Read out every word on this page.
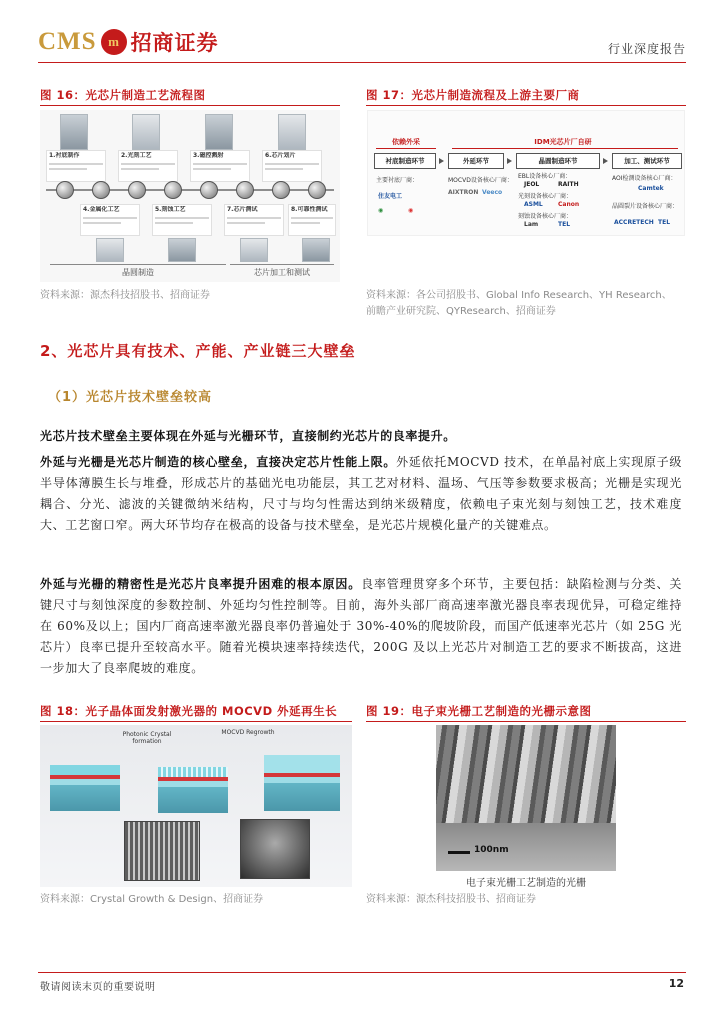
CMS m 招商证券	行业深度报告
图 16：光芯片制造工艺流程图
1.衬底制作	2.光刻工艺	3.磁控溅射	6.芯片划片
4.金属化工艺	5.刻蚀工艺	7.芯片测试	8.可靠性测试
晶圆制造	芯片加工和测试
资料来源：源杰科技招股书、招商证券
图 17：光芯片制造流程及上游主要厂商
依赖外采	IDM光芯片厂自研
衬底制造环节	外延环节	晶圆制造环节	加工、测试环节
主要衬底厂商：	MOCVD设备核心厂商：
EBL设备核心厂商：
光刻设备核心厂商：
刻蚀设备核心厂商：
AOI检测设备核心厂商：
晶圆裂片设备核心厂商：
住友电工
◉	◉
AIXTRON Veeco
JEOL	RAITH
ASML	Canon
Lam	TEL
Camtek
ACCRETECH TEL
资料来源：各公司招股书、Global Info Research、YH Research、
前瞻产业研究院、QYResearch、招商证券
2、光芯片具有技术、产能、产业链三大壁垒
（1）光芯片技术壁垒较高
光芯片技术壁垒主要体现在外延与光栅环节，直接制约光芯片的良率提升。
外延与光栅是光芯片制造的核心壁垒，直接决定芯片性能上限。外延依托MOCVD 技术，在单晶衬底上实现原子级半导体薄膜生长与堆叠，形成芯片的基础光电功能层，其工艺对材料、温场、气压等参数要求极高；光栅是实现光耦合、分光、滤波的关键微纳米结构，尺寸与均匀性需达到纳米级精度，依赖电子束光刻与刻蚀工艺，技术难度大、工艺窗口窄。两大环节均存在极高的设备与技术壁垒，是光芯片规模化量产的关键难点。
外延与光栅的精密性是光芯片良率提升困难的根本原因。良率管理贯穿多个环节，主要包括：缺陷检测与分类、关键尺寸与刻蚀深度的参数控制、外延均匀性控制等。目前，海外头部厂商高速率激光器良率表现优异，可稳定维持在 60%及以上；国内厂商高速率激光器良率仍普遍处于 30%-40%的爬坡阶段，而国产低速率光芯片（如 25G 光芯片）良率已提升至较高水平。随着光模块速率持续迭代，200G 及以上光芯片对制造工艺的要求不断拔高，这进一步加大了良率爬坡的难度。
图 18：光子晶体面发射激光器的 MOCVD 外延再生长
Photonic Crystal formation
MOCVD Regrowth
资料来源：Crystal Growth & Design、招商证券
图 19：电子束光栅工艺制造的光栅示意图
100nm
电子束光栅工艺制造的光栅
资料来源：源杰科技招股书、招商证券
敬请阅读末页的重要说明	12
